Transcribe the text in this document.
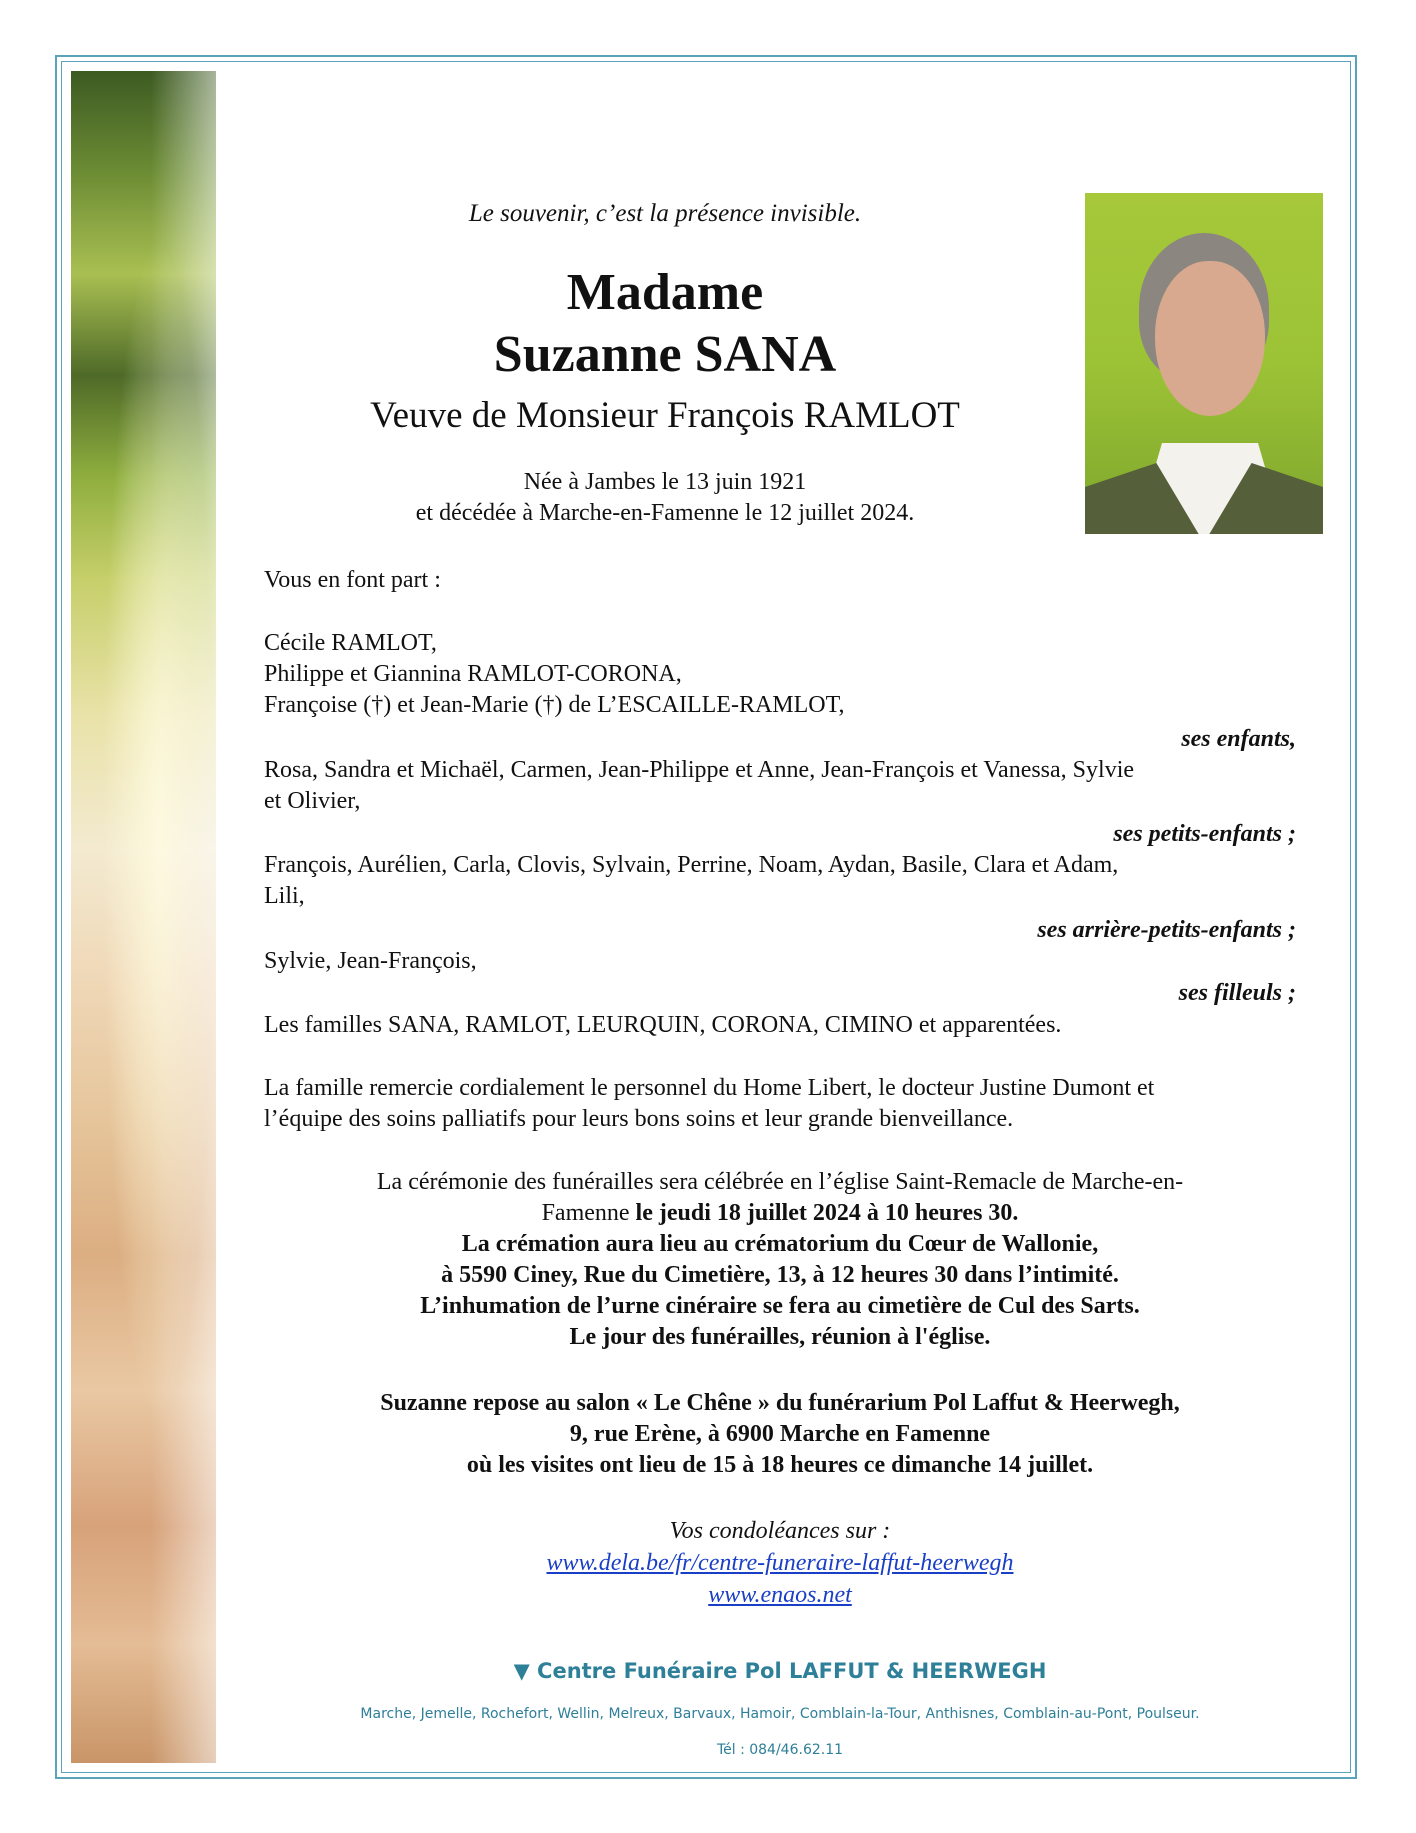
Le souvenir, c’est la présence invisible.
Madame
Suzanne SANA
Veuve de Monsieur François RAMLOT
Née à Jambes le 13 juin 1921
et décédée à Marche-en-Famenne le 12 juillet 2024.
Vous en font part :
Cécile RAMLOT,
Philippe et Giannina RAMLOT-CORONA,
Françoise (†) et Jean-Marie (†) de L’ESCAILLE-RAMLOT,
ses enfants,
Rosa, Sandra et Michaël, Carmen, Jean-Philippe et Anne, Jean-François et Vanessa, Sylvie
et Olivier,
ses petits-enfants ;
François, Aurélien, Carla, Clovis, Sylvain, Perrine, Noam, Aydan, Basile, Clara et Adam,
Lili,
ses arrière-petits-enfants ;
Sylvie, Jean-François,
ses filleuls ;
Les familles SANA, RAMLOT, LEURQUIN, CORONA, CIMINO et apparentées.
La famille remercie cordialement le personnel du Home Libert, le docteur Justine Dumont et
l’équipe des soins palliatifs pour leurs bons soins et leur grande bienveillance.
La cérémonie des funérailles sera célébrée en l’église Saint-Remacle de Marche-en-
Famenne le jeudi 18 juillet 2024 à 10 heures 30.
La crémation aura lieu au crématorium du Cœur de Wallonie,
à 5590 Ciney, Rue du Cimetière, 13, à 12 heures 30 dans l’intimité.
L’inhumation de l’urne cinéraire se fera au cimetière de Cul des Sarts.
Le jour des funérailles, réunion à l'église.
Suzanne repose au salon « Le Chêne » du funérarium Pol Laffut & Heerwegh,
9, rue Erène, à 6900 Marche en Famenne
où les visites ont lieu de 15 à 18 heures ce dimanche 14 juillet.
Vos condoléances sur :
www.dela.be/fr/centre-funeraire-laffut-heerwegh
www.enaos.net
▼ Centre Funéraire Pol LAFFUT & HEERWEGH
Marche, Jemelle, Rochefort, Wellin, Melreux, Barvaux, Hamoir, Comblain-la-Tour, Anthisnes, Comblain-au-Pont, Poulseur.
Tél : 084/46.62.11
